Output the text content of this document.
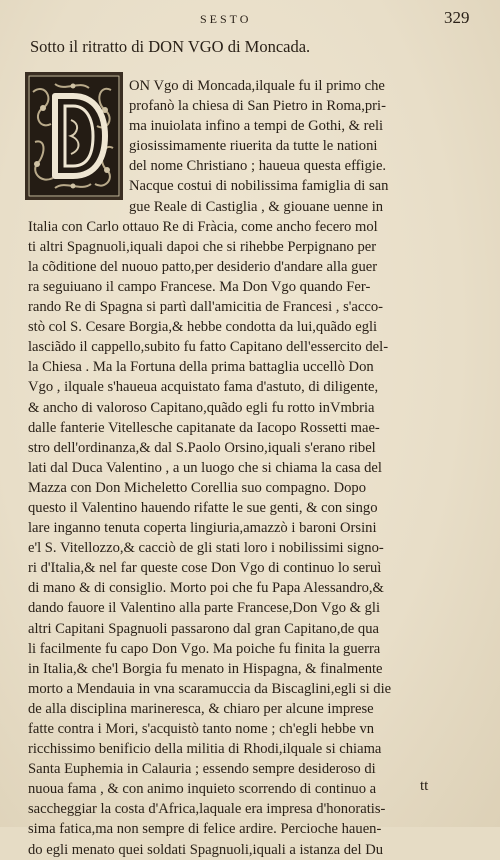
SESTO	329
Sotto il ritratto di DON VGO di Moncada.
ON Vgo di Moncada,ilquale fu il primo che
profanò la chiesa di San Pietro in Roma,pri-
ma inuiolata infino a tempi de Gothi, & reli
giosissimamente riuerita da tutte le nationi
del nome Christiano ; haueua questa effigie.
Nacque costui di nobilissima famiglia di san
gue Reale di Castiglia , & giouane uenne in
Italia con Carlo ottauo Re di Fràcia, come ancho fecero mol
ti altri Spagnuoli,iquali dapoi che si rihebbe Perpignano per
la cõditione del nuouo patto,per desiderio d'andare alla guer
ra seguiuano il campo Francese. Ma Don Vgo quando Fer-
rando Re di Spagna si partì dall'amicitia de Francesi , s'acco-
stò col S. Cesare Borgia,& hebbe condotta da lui,quãdo egli
lasciãdo il cappello,subito fu fatto Capitano dell'essercito del-
la Chiesa . Ma la Fortuna della prima battaglia uccellò Don
Vgo , ilquale s'haueua acquistato fama d'astuto, di diligente,
& ancho di valoroso Capitano,quãdo egli fu rotto inVmbria
dalle fanterie Vitellesche capitanate da Iacopo Rossetti mae-
stro dell'ordinanza,& dal S.Paolo Orsino,iquali s'erano ribel
lati dal Duca Valentino , a un luogo che si chiama la casa del
Mazza con Don Micheletto Corellia suo compagno. Dopo
questo il Valentino hauendo rifatte le sue genti, & con singo
lare inganno tenuta coperta lingiuria,amazzò i baroni Orsini
e'l S. Vitellozzo,& cacciò de gli stati loro i nobilissimi signo-
ri d'Italia,& nel far queste cose Don Vgo di continuo lo seruì
di mano & di consiglio. Morto poi che fu Papa Alessandro,&
dando fauore il Valentino alla parte Francese,Don Vgo & gli
altri Capitani Spagnuoli passarono dal gran Capitano,de qua
li facilmente fu capo Don Vgo. Ma poiche fu finita la guerra
in Italia,& che'l Borgia fu menato in Hispagna, & finalmente
morto a Mendauia in vna scaramuccia da Biscaglini,egli si die
de alla disciplina marineresca, & chiaro per alcune imprese
fatte contra i Mori, s'acquistò tanto nome ; ch'egli hebbe vn
ricchissimo benificio della militia di Rhodi,ilquale si chiama
Santa Euphemia in Calauria ; essendo sempre desideroso di
nuoua fama , & con animo inquieto scorrendo di continuo a
saccheggiar la costa d'Africa,laquale era impresa d'honoratis-
sima fatica,ma non sempre di felice ardire. Percioche hauen-
do egli menato quei soldati Spagnuoli,iquali a istanza del Du
tt
